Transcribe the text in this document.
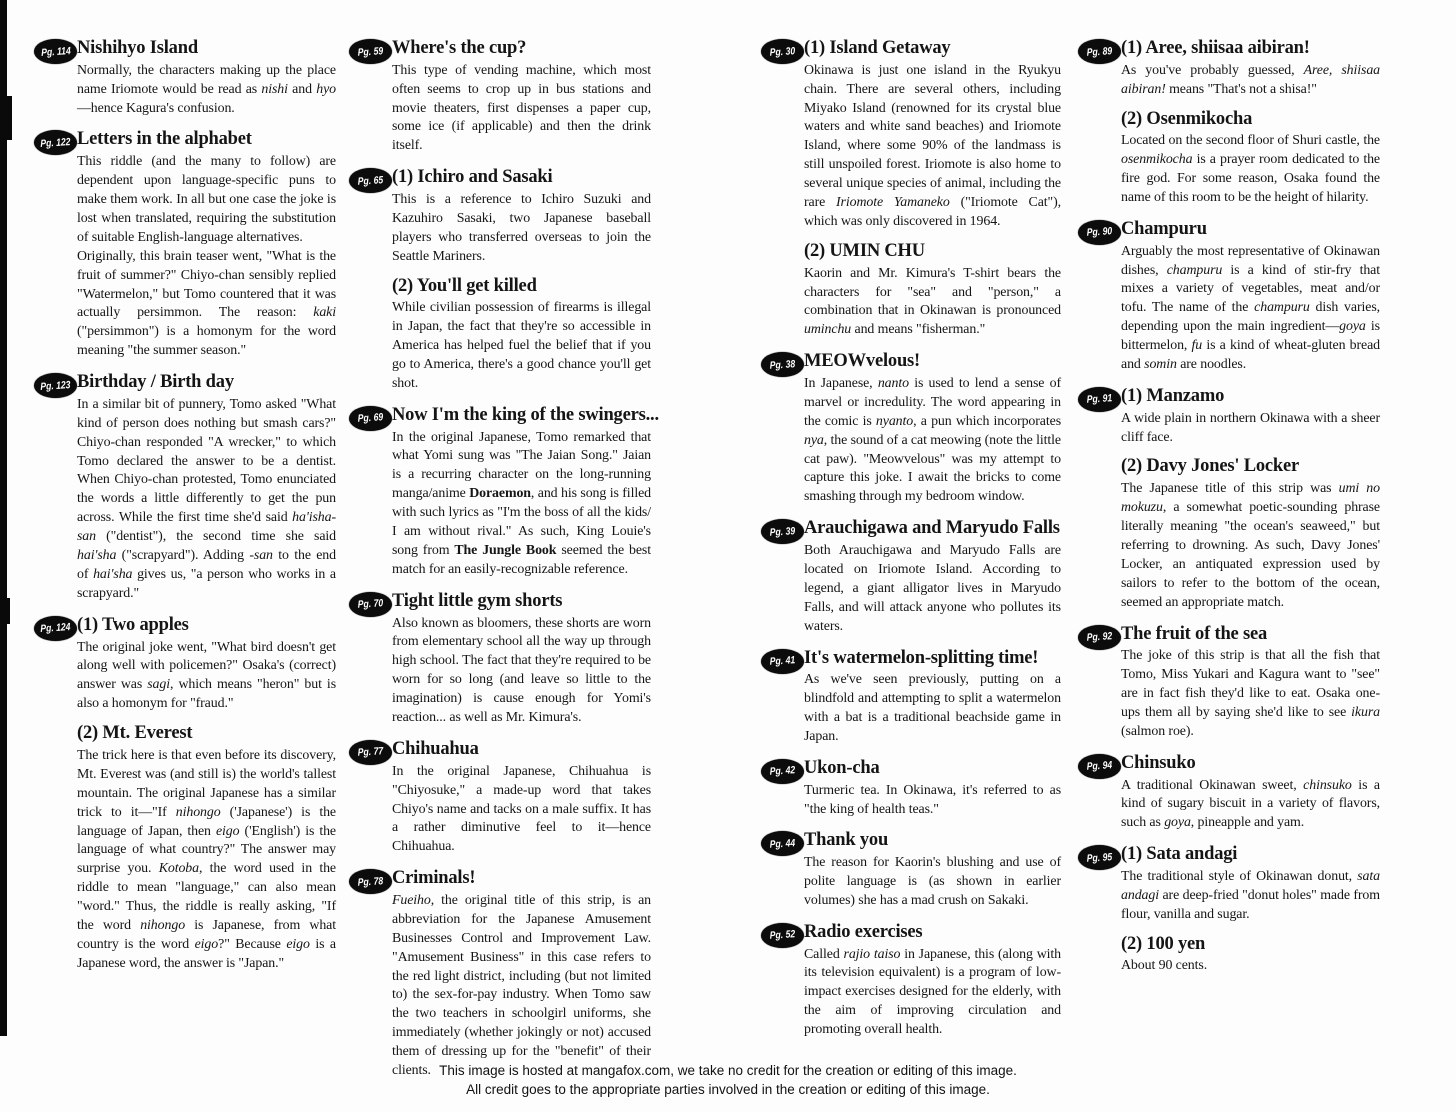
Pg. 114 Nishihyo Island

Normally, the characters making up the place name Iriomote would be read as nishi and hyo—hence Kagura's confusion.

Pg. 122 Letters in the alphabet

This riddle (and the many to follow) are dependent upon language-specific puns to make them work. In all but one case the joke is lost when translated, requiring the substitution of suitable English-language alternatives.

Originally, this brain teaser went, "What is the fruit of summer?" Chiyo-chan sensibly replied "Watermelon," but Tomo countered that it was actually persimmon. The reason: kaki ("persimmon") is a homonym for the word meaning "the summer season."

Pg. 123 Birthday / Birth day

In a similar bit of punnery, Tomo asked "What kind of person does nothing but smash cars?" Chiyo-chan responded "A wrecker," to which Tomo declared the answer to be a dentist. When Chiyo-chan protested, Tomo enunciated the words a little differently to get the pun across. While the first time she'd said ha'isha-san ("dentist"), the second time she said hai'sha ("scrapyard"). Adding -san to the end of hai'sha gives us, "a person who works in a scrapyard."

Pg. 124 (1) Two apples

The original joke went, "What bird doesn't get along well with policemen?" Osaka's (correct) answer was sagi, which means "heron" but is also a homonym for "fraud."

(2) Mt. Everest

The trick here is that even before its discovery, Mt. Everest was (and still is) the world's tallest mountain. The original Japanese has a similar trick to it—"If nihongo ('Japanese') is the language of Japan, then eigo ('English') is the language of what country?" The answer may surprise you. Kotoba, the word used in the riddle to mean "language," can also mean "word." Thus, the riddle is really asking, "If the word nihongo is Japanese, from what country is the word eigo?" Because eigo is a Japanese word, the answer is "Japan."

Pg. 59 Where's the cup?

This type of vending machine, which most often seems to crop up in bus stations and movie theaters, first dispenses a paper cup, some ice (if applicable) and then the drink itself.

Pg. 65 (1) Ichiro and Sasaki

This is a reference to Ichiro Suzuki and Kazuhiro Sasaki, two Japanese baseball players who transferred overseas to join the Seattle Mariners.

(2) You'll get killed

While civilian possession of firearms is illegal in Japan, the fact that they're so accessible in America has helped fuel the belief that if you go to America, there's a good chance you'll get shot.

Pg. 69 Now I'm the king of the swingers...

In the original Japanese, Tomo remarked that what Yomi sung was "The Jaian Song." Jaian is a recurring character on the long-running manga/anime Doraemon, and his song is filled with such lyrics as "I'm the boss of all the kids/ I am without rival." As such, King Louie's song from The Jungle Book seemed the best match for an easily-recognizable reference.

Pg. 70 Tight little gym shorts

Also known as bloomers, these shorts are worn from elementary school all the way up through high school. The fact that they're required to be worn for so long (and leave so little to the imagination) is cause enough for Yomi's reaction... as well as Mr. Kimura's.

Pg. 77 Chihuahua

In the original Japanese, Chihuahua is "Chiyosuke," a made-up word that takes Chiyo's name and tacks on a male suffix. It has a rather diminutive feel to it—hence Chihuahua.

Pg. 78 Criminals!

Fueiho, the original title of this strip, is an abbreviation for the Japanese Amusement Businesses Control and Improvement Law. "Amusement Business" in this case refers to the red light district, including (but not limited to) the sex-for-pay industry. When Tomo saw the two teachers in schoolgirl uniforms, she immediately (whether jokingly or not) accused them of dressing up for the "benefit" of their clients.

Pg. 30 (1) Island Getaway

Okinawa is just one island in the Ryukyu chain. There are several others, including Miyako Island (renowned for its crystal blue waters and white sand beaches) and Iriomote Island, where some 90% of the landmass is still unspoiled forest. Iriomote is also home to several unique species of animal, including the rare Iriomote Yamaneko ("Iriomote Cat"), which was only discovered in 1964.

(2) UMIN CHU

Kaorin and Mr. Kimura's T-shirt bears the characters for "sea" and "person," a combination that in Okinawan is pronounced uminchu and means "fisherman."

Pg. 38 MEOWvelous!

In Japanese, nanto is used to lend a sense of marvel or incredulity. The word appearing in the comic is nyanto, a pun which incorporates nya, the sound of a cat meowing (note the little cat paw). "Meowvelous" was my attempt to capture this joke. I await the bricks to come smashing through my bedroom window.

Pg. 39 Arauchigawa and Maryudo Falls

Both Arauchigawa and Maryudo Falls are located on Iriomote Island. According to legend, a giant alligator lives in Maryudo Falls, and will attack anyone who pollutes its waters.

Pg. 41 It's watermelon-splitting time!

As we've seen previously, putting on a blindfold and attempting to split a watermelon with a bat is a traditional beachside game in Japan.

Pg. 42 Ukon-cha

Turmeric tea. In Okinawa, it's referred to as "the king of health teas."

Pg. 44 Thank you

The reason for Kaorin's blushing and use of polite language is (as shown in earlier volumes) she has a mad crush on Sakaki.

Pg. 52 Radio exercises

Called rajio taiso in Japanese, this (along with its television equivalent) is a program of low-impact exercises designed for the elderly, with the aim of improving circulation and promoting overall health.

Pg. 89 (1) Aree, shiisaa aibiran!

As you've probably guessed, Aree, shiisaa aibiran! means "That's not a shisa!"

(2) Osenmikocha

Located on the second floor of Shuri castle, the osenmikocha is a prayer room dedicated to the fire god. For some reason, Osaka found the name of this room to be the height of hilarity.

Pg. 90 Champuru

Arguably the most representative of Okinawan dishes, champuru is a kind of stir-fry that mixes a variety of vegetables, meat and/or tofu. The name of the champuru dish varies, depending upon the main ingredient—goya is bittermelon, fu is a kind of wheat-gluten bread and somin are noodles.

Pg. 91 (1) Manzamo

A wide plain in northern Okinawa with a sheer cliff face.

(2) Davy Jones' Locker

The Japanese title of this strip was umi no mokuzu, a somewhat poetic-sounding phrase literally meaning "the ocean's seaweed," but referring to drowning. As such, Davy Jones' Locker, an antiquated expression used by sailors to refer to the bottom of the ocean, seemed an appropriate match.

Pg. 92 The fruit of the sea

The joke of this strip is that all the fish that Tomo, Miss Yukari and Kagura want to "see" are in fact fish they'd like to eat. Osaka one-ups them all by saying she'd like to see ikura (salmon roe).

Pg. 94 Chinsuko

A traditional Okinawan sweet, chinsuko is a kind of sugary biscuit in a variety of flavors, such as goya, pineapple and yam.

Pg. 95 (1) Sata andagi

The traditional style of Okinawan donut, sata andagi are deep-fried "donut holes" made from flour, vanilla and sugar.

(2) 100 yen

About 90 cents.

This image is hosted at mangafox.com, we take no credit for the creation or editing of this image.
All credit goes to the appropriate parties involved in the creation or editing of this image.
